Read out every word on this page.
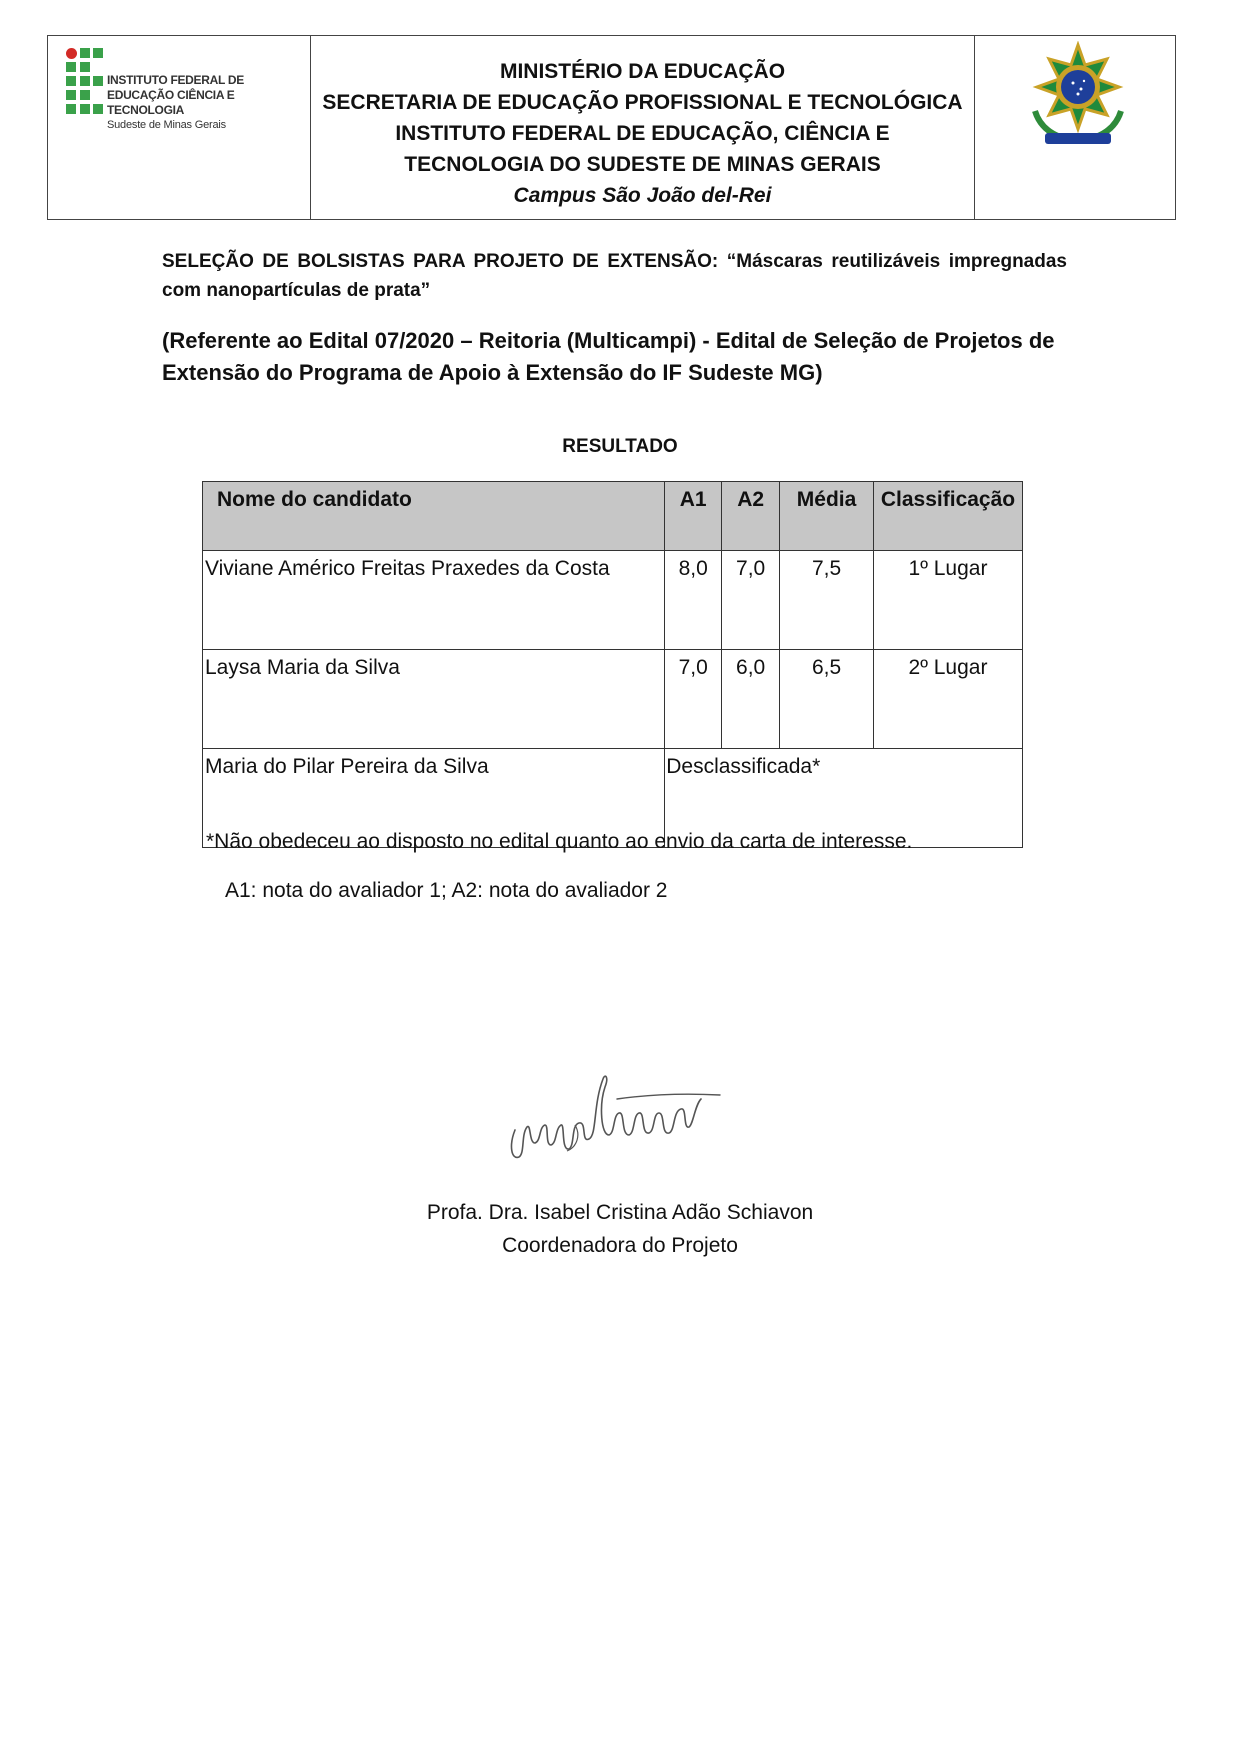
INSTITUTO FEDERAL DE
EDUCAÇÃO CIÊNCIA E TECNOLOGIA
Sudeste de Minas Gerais
MINISTÉRIO DA EDUCAÇÃO
SECRETARIA DE EDUCAÇÃO PROFISSIONAL E TECNOLÓGICA
INSTITUTO FEDERAL DE EDUCAÇÃO, CIÊNCIA E
TECNOLOGIA DO SUDESTE DE MINAS GERAIS
Campus São João del-Rei
SELEÇÃO DE BOLSISTAS PARA PROJETO DE EXTENSÃO: “Máscaras reutilizáveis impregnadas com nanopartículas de prata”
(Referente ao Edital 07/2020 – Reitoria (Multicampi) - Edital de Seleção de Projetos de Extensão do Programa de Apoio à Extensão do IF Sudeste MG)
RESULTADO
Nome do candidato	A1	A2	Média	Classificação
Viviane Américo Freitas Praxedes da Costa	8,0	7,0	7,5	1º Lugar
Laysa Maria da Silva	7,0	6,0	6,5	2º Lugar
Maria do Pilar Pereira da Silva	Desclassificada*			
*Não obedeceu ao disposto no edital quanto ao envio da carta de interesse.
A1: nota do avaliador 1; A2: nota do avaliador 2
Profa. Dra. Isabel Cristina Adão Schiavon
Coordenadora do Projeto
